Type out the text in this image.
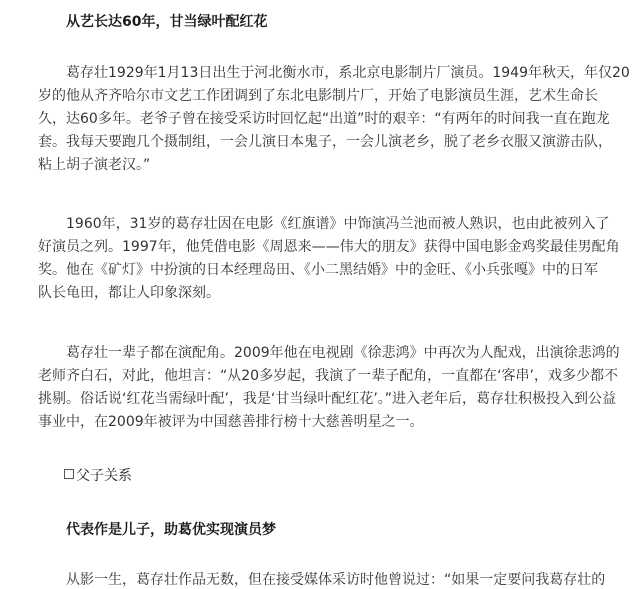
从艺长达60年，甘当绿叶配红花
葛存壮1929年1月13日出生于河北衡水市，系北京电影制片厂演员。1949年秋天，年仅20
岁的他从齐齐哈尔市文艺工作团调到了东北电影制片厂，开始了电影演员生涯，艺术生命长
久，达60多年。老爷子曾在接受采访时回忆起“出道”时的艰辛：“有两年的时间我一直在跑龙
套。我每天要跑几个摄制组，一会儿演日本鬼子，一会儿演老乡，脱了老乡衣服又演游击队，
粘上胡子演老汉。”
1960年，31岁的葛存壮因在电影《红旗谱》中饰演冯兰池而被人熟识，也由此被列入了
好演员之列。1997年，他凭借电影《周恩来——伟大的朋友》获得中国电影金鸡奖最佳男配角
奖。他在《矿灯》中扮演的日本经理岛田、《小二黑结婚》中的金旺、《小兵张嘎》中的日军
队长龟田，都让人印象深刻。
葛存壮一辈子都在演配角。2009年他在电视剧《徐悲鸿》中再次为人配戏，出演徐悲鸿的
老师齐白石，对此，他坦言：“从20多岁起，我演了一辈子配角，一直都在‘客串’，戏多少都不
挑剔。俗话说‘红花当需绿叶配’，我是‘甘当绿叶配红花’。”进入老年后，葛存壮积极投入到公益
事业中，在2009年被评为中国慈善排行榜十大慈善明星之一。
父子关系
代表作是儿子，助葛优实现演员梦
从影一生，葛存壮作品无数，但在接受媒体采访时他曾说过：“如果一定要问我葛存壮的
